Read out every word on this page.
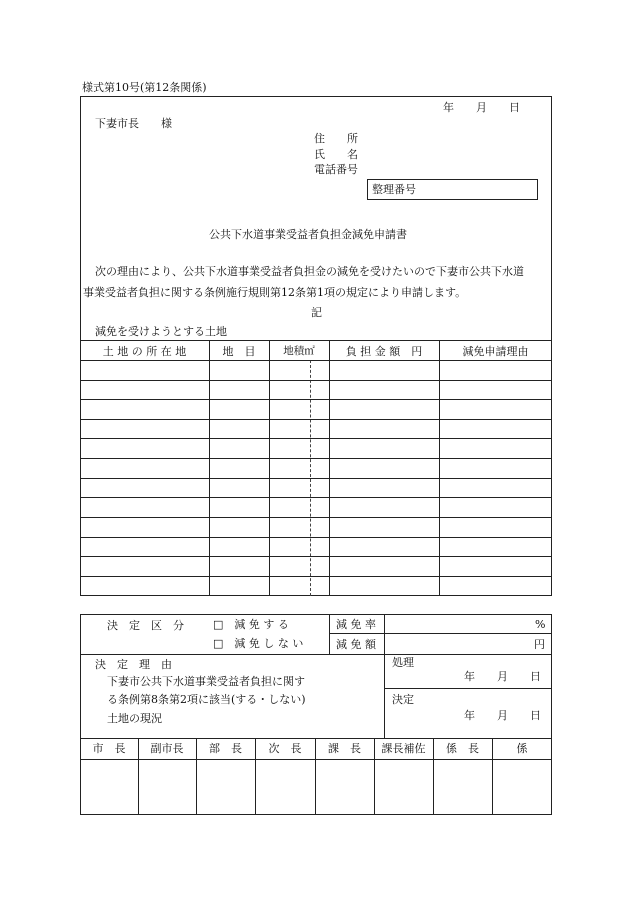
様式第10号(第12条関係)
年　　月　　日
下妻市長　　様
住　　所
氏　　名
電話番号
整理番号
公共下水道事業受益者負担金減免申請書
次の理由により、公共下水道事業受益者負担金の減免を受けたいので下妻市公共下水道
事業受益者負担に関する条例施行規則第12条第1項の規定により申請します。
記
減免を受けようとする土地
土 地 の 所 在 地	地　目	地積㎡	負 担 金 額　円	減免申請理由
決　定　区　分	□　減 免 す る
□　減 免 し な い
減 免 率	%
減 免 額	円
決　定　理　由
下妻市公共下水道事業受益者負担に関す
る条例第8条第2項に該当(する・しない)
土地の現況
処理
年　　月　　日
決定
年　　月　　日
市　長	副市長	部　長	次　長	課　長	課長補佐	係　長	係
